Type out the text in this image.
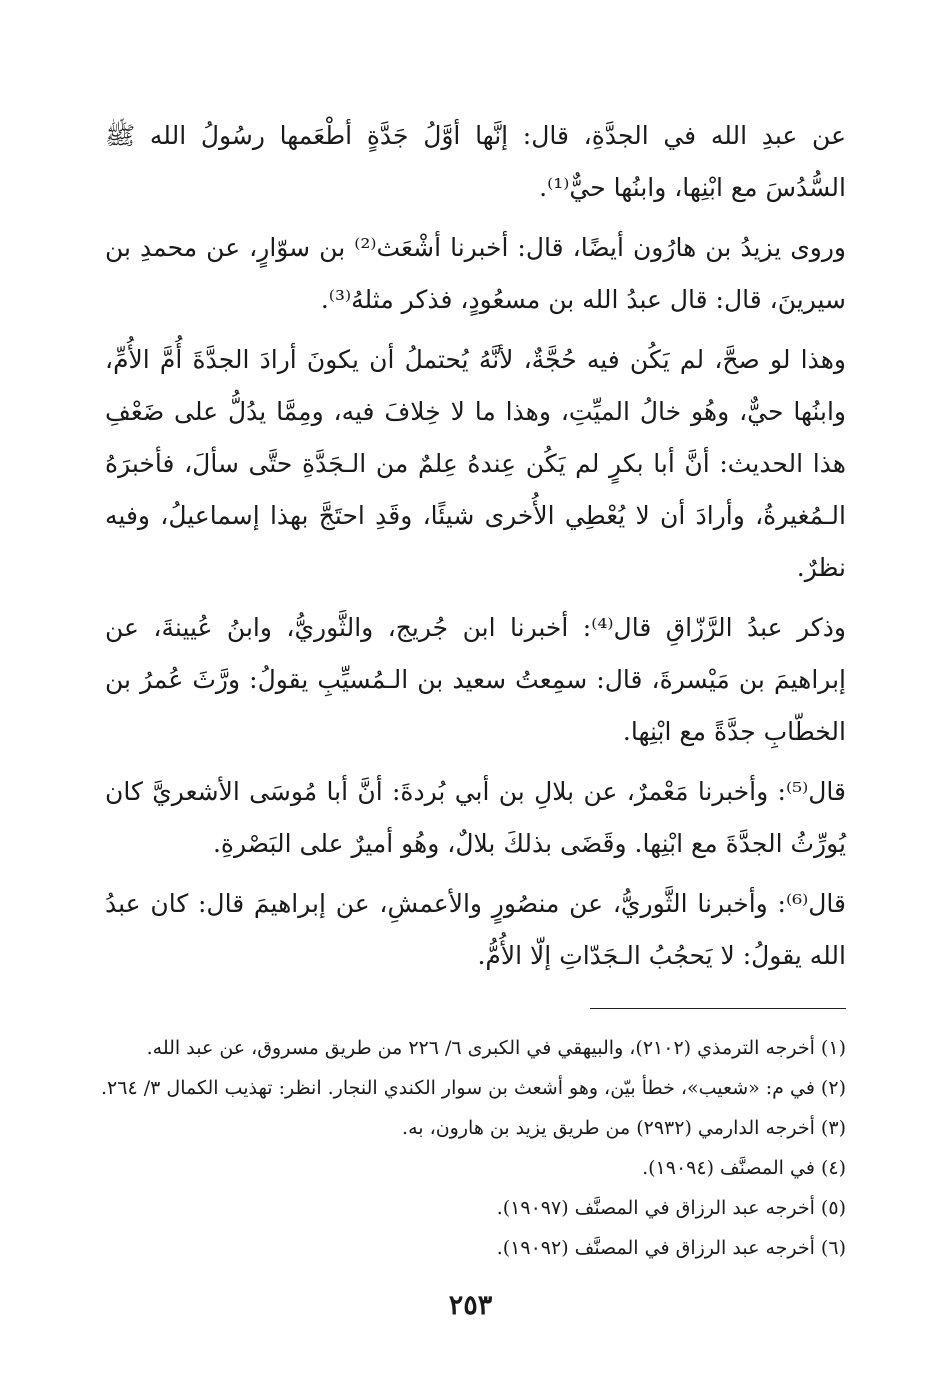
عن عبدِ الله في الجدَّةِ، قال: إنَّها أوَّلُ جَدَّةٍ أطْعَمها رسُولُ الله ﷺ السُّدُسَ مع ابْنِها، وابنُها حيٌّ⁽¹⁾.

وروى يزيدُ بن هارُون أيضًا، قال: أخبرنا أشْعَث⁽²⁾ بن سوّارٍ، عن محمدِ بن سيرينَ، قال: قال عبدُ الله بن مسعُودٍ، فذكر مثلهُ⁽³⁾.

وهذا لو صحَّ، لم يَكُن فيه حُجَّةٌ، لأنَّهُ يُحتملُ أن يكونَ أرادَ الجدَّةَ أُمَّ الأُمِّ، وابنُها حيٌّ، وهُو خالُ الميِّتِ، وهذا ما لا خِلافَ فيه، ومِمَّا يدُلُّ على ضَعْفِ هذا الحديث: أنَّ أبا بكرٍ لم يَكُن عِندهُ عِلمٌ من الـجَدَّةِ حتَّى سألَ، فأخبرَهُ الـمُغيرةُ، وأرادَ أن لا يُعْطِي الأُخرى شيئًا، وقَدِ احتَجَّ بهذا إسماعيلُ، وفيه نظرٌ.

وذكر عبدُ الرَّزّاقِ قال⁽⁴⁾: أخبرنا ابن جُريج، والثَّوريُّ، وابنُ عُيينةَ، عن إبراهيمَ بن مَيْسرةَ، قال: سمِعتُ سعيد بن الـمُسيِّبِ يقولُ: ورَّثَ عُمرُ بن الخطّابِ جدَّةً مع ابْنِها.

قال⁽⁵⁾: وأخبرنا مَعْمرٌ، عن بلالِ بن أبي بُردةَ: أنَّ أبا مُوسَى الأشعريَّ كان يُورِّثُ الجدَّةَ مع ابْنِها. وقَضَى بذلكَ بلالٌ، وهُو أميرٌ على البَصْرةِ.

قال⁽⁶⁾: وأخبرنا الثَّوريُّ، عن منصُورٍ والأعمشِ، عن إبراهيمَ قال: كان عبدُ الله يقولُ: لا يَحجُبُ الـجَدّاتِ إلّا الأُمُّ.

(١) أخرجه الترمذي (٢١٠٢)، والبيهقي في الكبرى ٦/ ٢٢٦ من طريق مسروق، عن عبد الله.

(٢) في م: «شعيب»، خطأ بيّن، وهو أشعث بن سوار الكندي النجار. انظر: تهذيب الكمال ٣/ ٢٦٤.

(٣) أخرجه الدارمي (٢٩٣٢) من طريق يزيد بن هارون، به.

(٤) في المصنَّف (١٩٠٩٤).

(٥) أخرجه عبد الرزاق في المصنَّف (١٩٠٩٧).

(٦) أخرجه عبد الرزاق في المصنَّف (١٩٠٩٢).

٢٥٣
